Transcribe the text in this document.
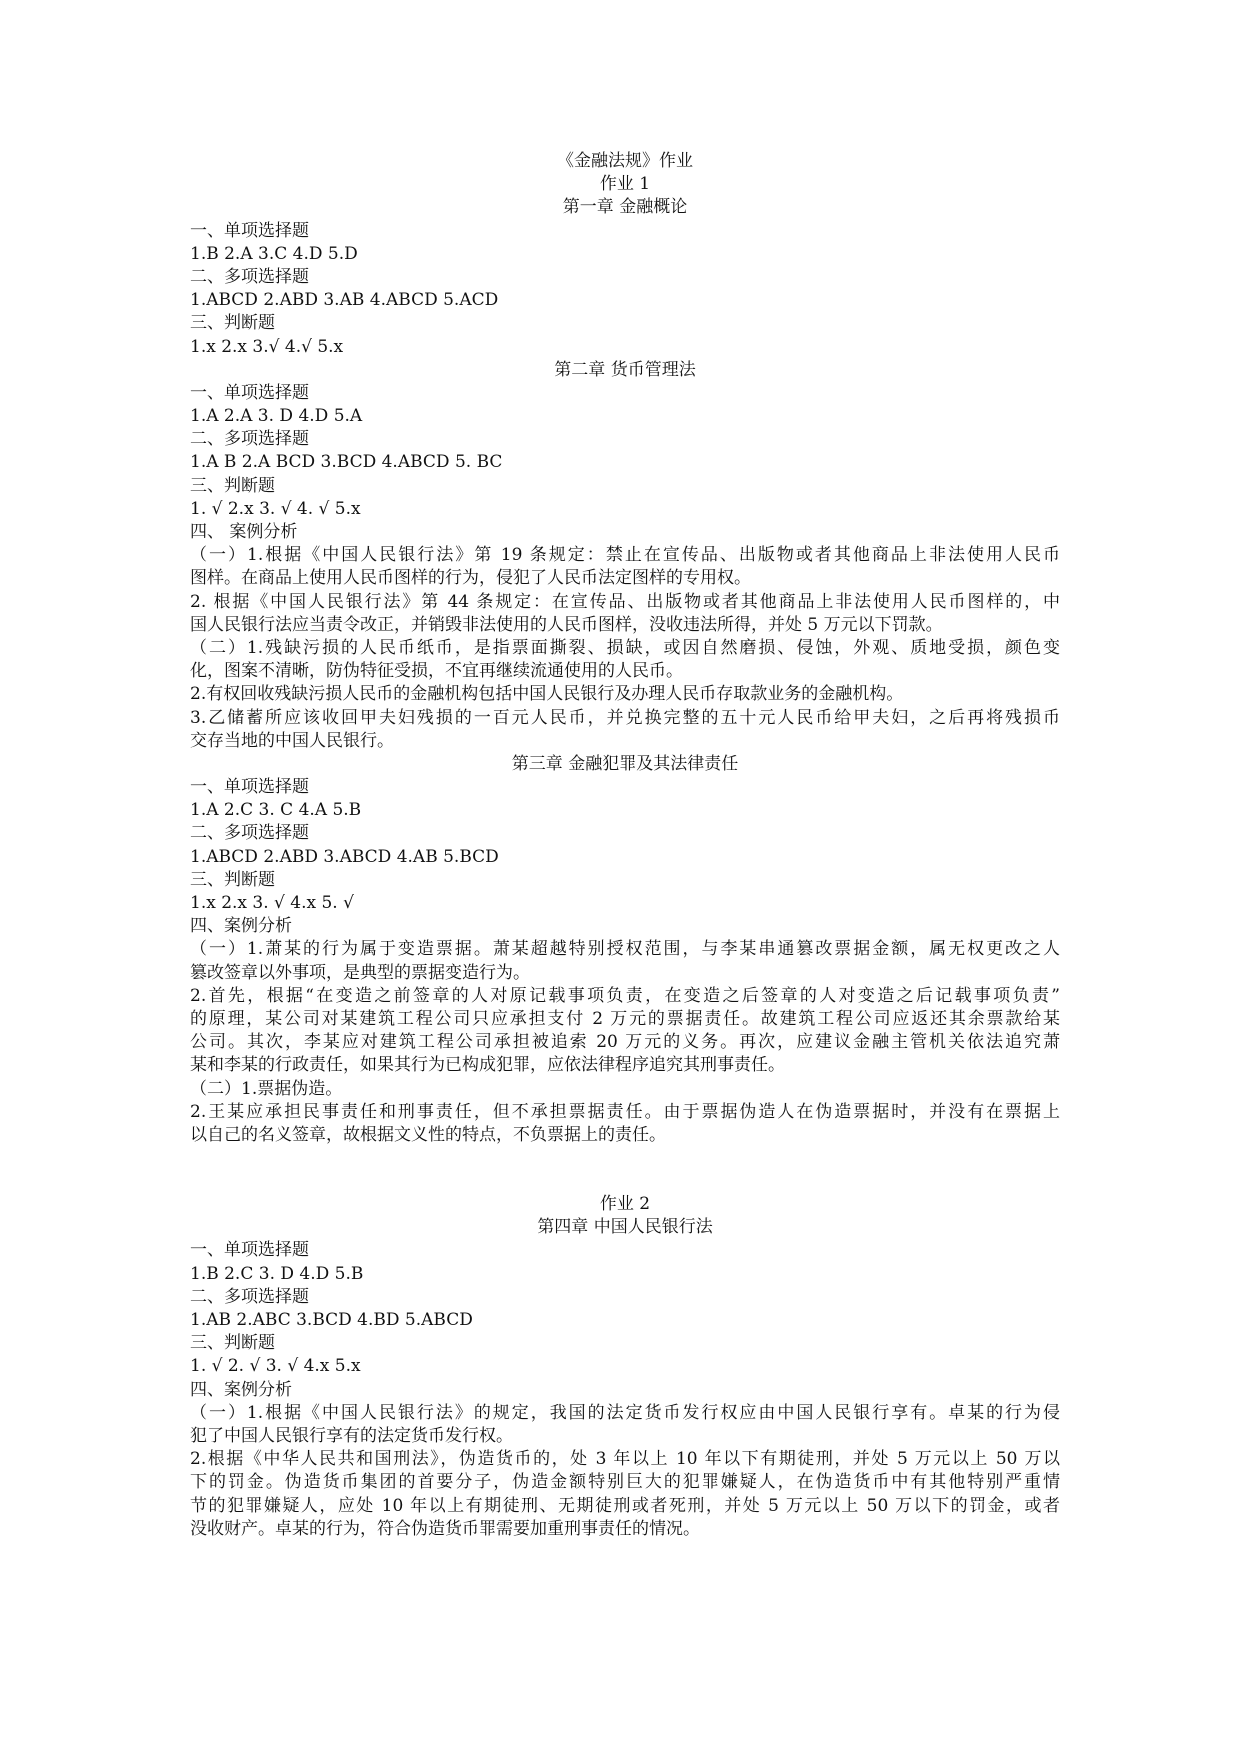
《金融法规》作业
作业 1
第一章 金融概论
一、单项选择题
1.B 2.A 3.C 4.D 5.D
二、多项选择题
1.ABCD 2.ABD 3.AB 4.ABCD 5.ACD
三、判断题
1.x 2.x 3.√ 4.√ 5.x
第二章 货币管理法
一、单项选择题
1.A 2.A 3. D 4.D 5.A
二、多项选择题
1.A B 2.A BCD 3.BCD 4.ABCD 5. BC
三、判断题
1. √ 2.x 3. √ 4. √ 5.x
四、 案例分析
（一）1.根据《中国人民银行法》第 19 条规定：禁止在宣传品、出版物或者其他商品上非法使用人民币
图样。在商品上使用人民币图样的行为，侵犯了人民币法定图样的专用权。
2. 根据《中国人民银行法》第 44 条规定：在宣传品、出版物或者其他商品上非法使用人民币图样的，中
国人民银行法应当责令改正，并销毁非法使用的人民币图样，没收违法所得，并处 5 万元以下罚款。
（二）1.残缺污损的人民币纸币，是指票面撕裂、损缺，或因自然磨损、侵蚀，外观、质地受损，颜色变
化，图案不清晰，防伪特征受损，不宜再继续流通使用的人民币。
2.有权回收残缺污损人民币的金融机构包括中国人民银行及办理人民币存取款业务的金融机构。
3.乙储蓄所应该收回甲夫妇残损的一百元人民币，并兑换完整的五十元人民币给甲夫妇，之后再将残损币
交存当地的中国人民银行。
第三章 金融犯罪及其法律责任
一、单项选择题
1.A 2.C 3. C 4.A 5.B
二、多项选择题
1.ABCD 2.ABD 3.ABCD 4.AB 5.BCD
三、判断题
1.x 2.x 3. √ 4.x 5. √
四、案例分析
（一）1.萧某的行为属于变造票据。萧某超越特别授权范围，与李某串通篡改票据金额，属无权更改之人
篡改签章以外事项，是典型的票据变造行为。
2.首先，根据“在变造之前签章的人对原记载事项负责，在变造之后签章的人对变造之后记载事项负责”
的原理，某公司对某建筑工程公司只应承担支付 2 万元的票据责任。故建筑工程公司应返还其余票款给某
公司。其次，李某应对建筑工程公司承担被追索 20 万元的义务。再次，应建议金融主管机关依法追究萧
某和李某的行政责任，如果其行为已构成犯罪，应依法律程序追究其刑事责任。
（二）1.票据伪造。
2.王某应承担民事责任和刑事责任，但不承担票据责任。由于票据伪造人在伪造票据时，并没有在票据上
以自己的名义签章，故根据文义性的特点，不负票据上的责任。
作业 2
第四章 中国人民银行法
一、单项选择题
1.B 2.C 3. D 4.D 5.B
二、多项选择题
1.AB 2.ABC 3.BCD 4.BD 5.ABCD
三、判断题
1. √ 2. √ 3. √ 4.x 5.x
四、案例分析
（一）1.根据《中国人民银行法》的规定，我国的法定货币发行权应由中国人民银行享有。卓某的行为侵
犯了中国人民银行享有的法定货币发行权。
2.根据《中华人民共和国刑法》，伪造货币的，处 3 年以上 10 年以下有期徒刑，并处 5 万元以上 50 万以
下的罚金。伪造货币集团的首要分子，伪造金额特别巨大的犯罪嫌疑人，在伪造货币中有其他特别严重情
节的犯罪嫌疑人，应处 10 年以上有期徒刑、无期徒刑或者死刑，并处 5 万元以上 50 万以下的罚金，或者
没收财产。卓某的行为，符合伪造货币罪需要加重刑事责任的情况。
